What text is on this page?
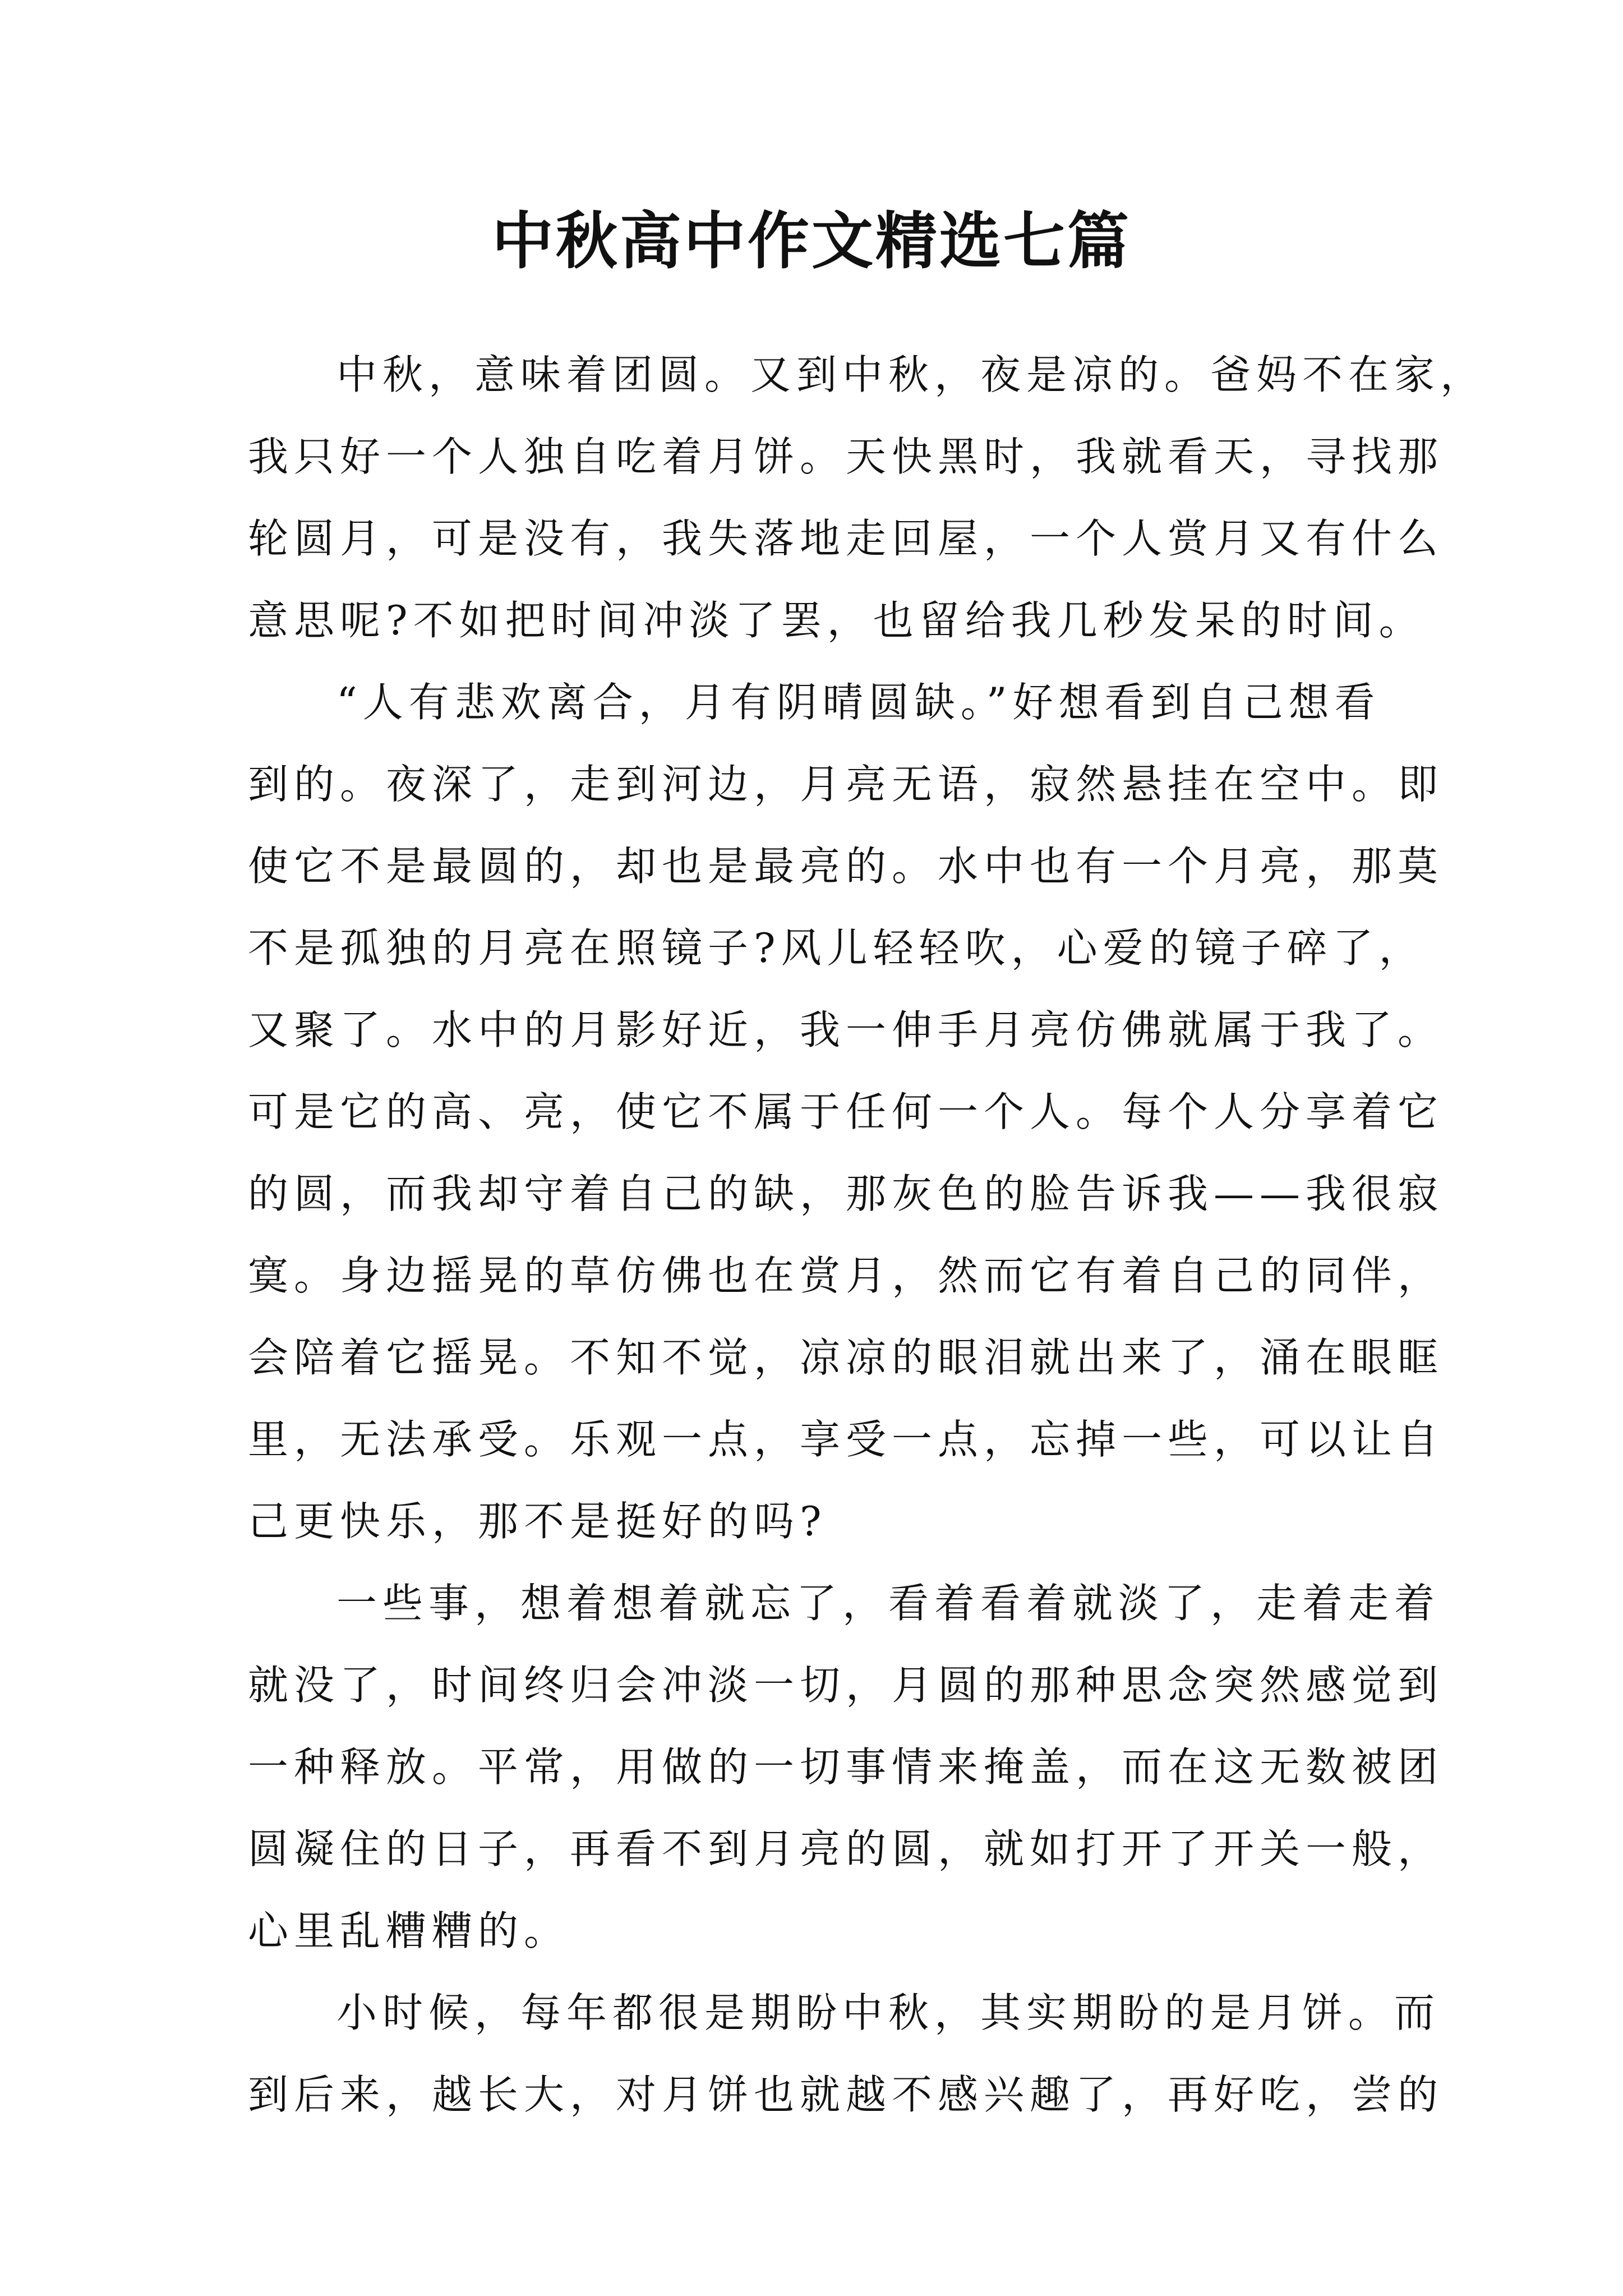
中秋高中作文精选七篇

中秋，意味着团圆。又到中秋，夜是凉的。爸妈不在家，
我只好一个人独自吃着月饼。天快黑时，我就看天，寻找那
轮圆月，可是没有，我失落地走回屋，一个人赏月又有什么
意思呢?不如把时间冲淡了罢，也留给我几秒发呆的时间。

“人有悲欢离合，月有阴晴圆缺。”好想看到自己想看
到的。夜深了，走到河边，月亮无语，寂然悬挂在空中。即
使它不是最圆的，却也是最亮的。水中也有一个月亮，那莫
不是孤独的月亮在照镜子?风儿轻轻吹，心爱的镜子碎了，
又聚了。水中的月影好近，我一伸手月亮仿佛就属于我了。
可是它的高、亮，使它不属于任何一个人。每个人分享着它
的圆，而我却守着自己的缺，那灰色的脸告诉我——我很寂
寞。身边摇晃的草仿佛也在赏月，然而它有着自己的同伴，
会陪着它摇晃。不知不觉，凉凉的眼泪就出来了，涌在眼眶
里，无法承受。乐观一点，享受一点，忘掉一些，可以让自
己更快乐，那不是挺好的吗?

一些事，想着想着就忘了，看着看着就淡了，走着走着
就没了，时间终归会冲淡一切，月圆的那种思念突然感觉到
一种释放。平常，用做的一切事情来掩盖，而在这无数被团
圆凝住的日子，再看不到月亮的圆，就如打开了开关一般，
心里乱糟糟的。

小时候，每年都很是期盼中秋，其实期盼的是月饼。而
到后来，越长大，对月饼也就越不感兴趣了，再好吃，尝的
